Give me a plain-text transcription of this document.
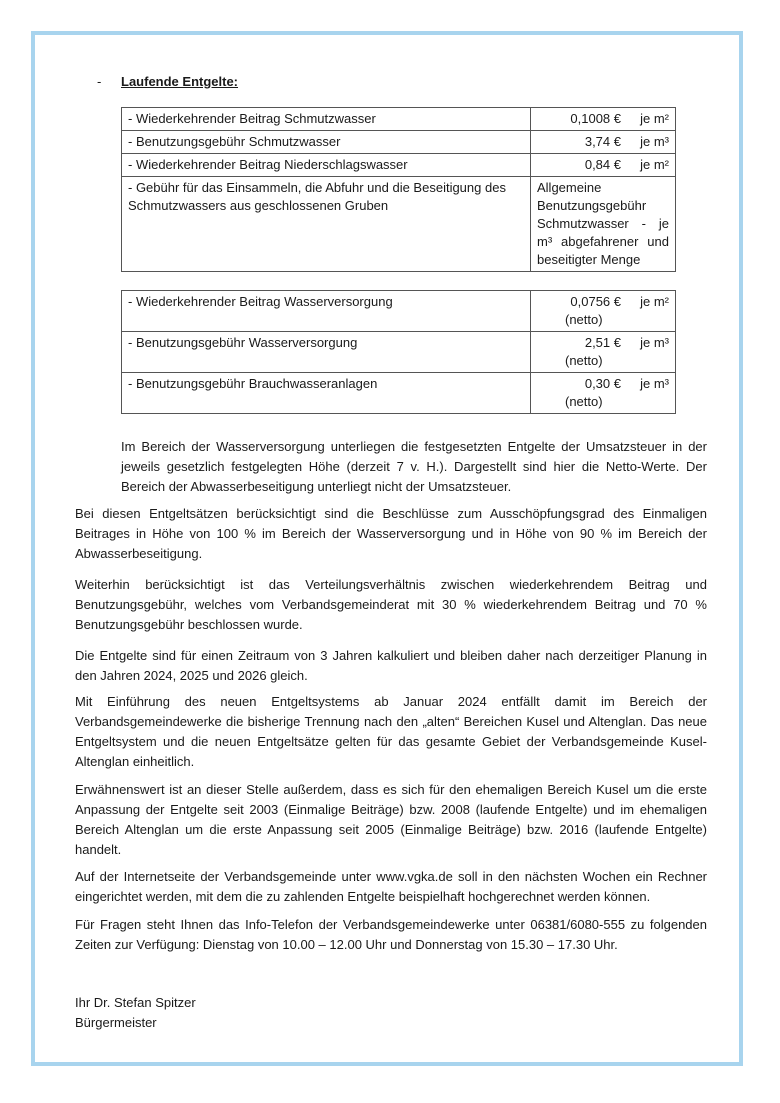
- Laufende Entgelte:
- Wiederkehrender Beitrag Schmutzwasser	0,1008 € je m²

- Benutzungsgebühr Schmutzwasser	3,74 € je m³

- Wiederkehrender Beitrag Niederschlagswasser	0,84 € je m²

- Gebühr für das Einsammeln, die Abfuhr und die Beseitigung des Schmutzwassers aus geschlossenen Gruben	Allgemeine Benutzungsgebühr Schmutzwasser - je m³ abgefahrener und beseitigter Menge
- Wiederkehrender Beitrag Wasserversorgung	0,0756 € je m²
(netto)

- Benutzungsgebühr Wasserversorgung	2,51 € je m³
(netto)

- Benutzungsgebühr Brauchwasseranlagen	0,30 € je m³
(netto)
Im Bereich der Wasserversorgung unterliegen die festgesetzten Entgelte der Umsatzsteuer in der jeweils gesetzlich festgelegten Höhe (derzeit 7 v. H.). Dargestellt sind hier die Netto-Werte. Der Bereich der Abwasserbeseitigung unterliegt nicht der Umsatzsteuer.
Bei diesen Entgeltsätzen berücksichtigt sind die Beschlüsse zum Ausschöpfungsgrad des Einmaligen Beitrages in Höhe von 100 % im Bereich der Wasserversorgung und in Höhe von 90 % im Bereich der Abwasserbeseitigung.
Weiterhin berücksichtigt ist das Verteilungsverhältnis zwischen wiederkehrendem Beitrag und Benutzungsgebühr, welches vom Verbandsgemeinderat mit 30 % wiederkehrendem Beitrag und 70 % Benutzungsgebühr beschlossen wurde.
Die Entgelte sind für einen Zeitraum von 3 Jahren kalkuliert und bleiben daher nach derzeitiger Planung in den Jahren 2024, 2025 und 2026 gleich.
Mit Einführung des neuen Entgeltsystems ab Januar 2024 entfällt damit im Bereich der Verbandsgemeindewerke die bisherige Trennung nach den „alten“ Bereichen Kusel und Altenglan. Das neue Entgeltsystem und die neuen Entgeltsätze gelten für das gesamte Gebiet der Verbandsgemeinde Kusel-Altenglan einheitlich.
Erwähnenswert ist an dieser Stelle außerdem, dass es sich für den ehemaligen Bereich Kusel um die erste Anpassung der Entgelte seit 2003 (Einmalige Beiträge) bzw. 2008 (laufende Entgelte) und im ehemaligen Bereich Altenglan um die erste Anpassung seit 2005 (Einmalige Beiträge) bzw. 2016 (laufende Entgelte) handelt.
Auf der Internetseite der Verbandsgemeinde unter www.vgka.de soll in den nächsten Wochen ein Rechner eingerichtet werden, mit dem die zu zahlenden Entgelte beispielhaft hochgerechnet werden können.
Für Fragen steht Ihnen das Info-Telefon der Verbandsgemeindewerke unter 06381/6080-555 zu folgenden Zeiten zur Verfügung: Dienstag von 10.00 – 12.00 Uhr und Donnerstag von 15.30 – 17.30 Uhr.
Ihr Dr. Stefan Spitzer
Bürgermeister
